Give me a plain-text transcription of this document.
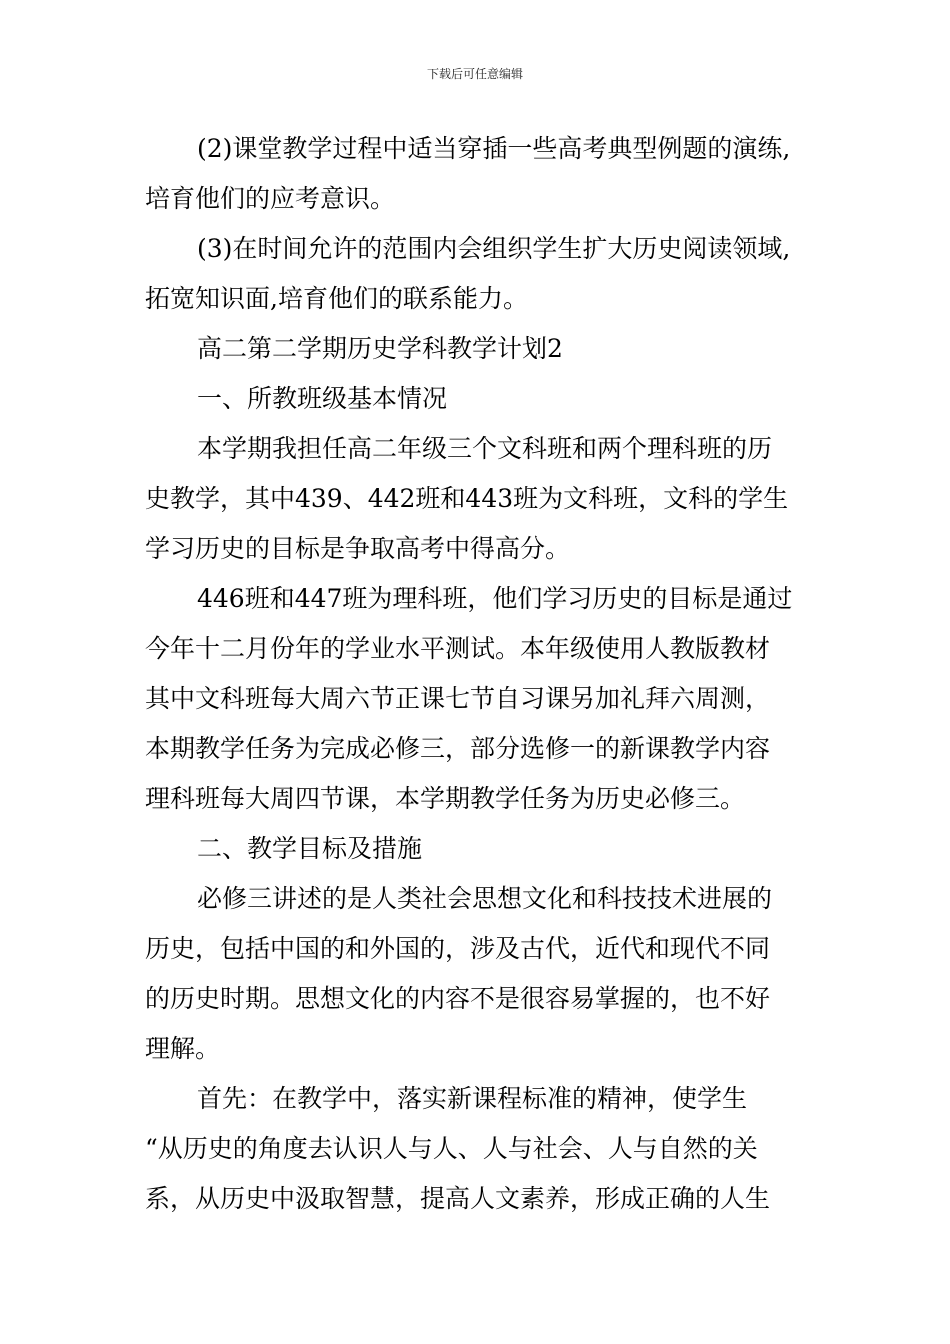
下载后可任意编辑
(2)课堂教学过程中适当穿插一些高考典型例题的演练,
培育他们的应考意识。
(3)在时间允许的范围内会组织学生扩大历史阅读领域,
拓宽知识面,培育他们的联系能力。
高二第二学期历史学科教学计划2
一、所教班级基本情况
本学期我担任高二年级三个文科班和两个理科班的历
史教学，其中439、442班和443班为文科班，文科的学生
学习历史的目标是争取高考中得高分。
446班和447班为理科班，他们学习历史的目标是通过
今年十二月份年的学业水平测试。本年级使用人教版教材
其中文科班每大周六节正课七节自习课另加礼拜六周测，
本期教学任务为完成必修三，部分选修一的新课教学内容
理科班每大周四节课，本学期教学任务为历史必修三。
二、教学目标及措施
必修三讲述的是人类社会思想文化和科技技术进展的
历史，包括中国的和外国的，涉及古代，近代和现代不同
的历史时期。思想文化的内容不是很容易掌握的，也不好
理解。
首先：在教学中，落实新课程标准的精神，使学生
“从历史的角度去认识人与人、人与社会、人与自然的关
系，从历史中汲取智慧，提高人文素养，形成正确的人生
